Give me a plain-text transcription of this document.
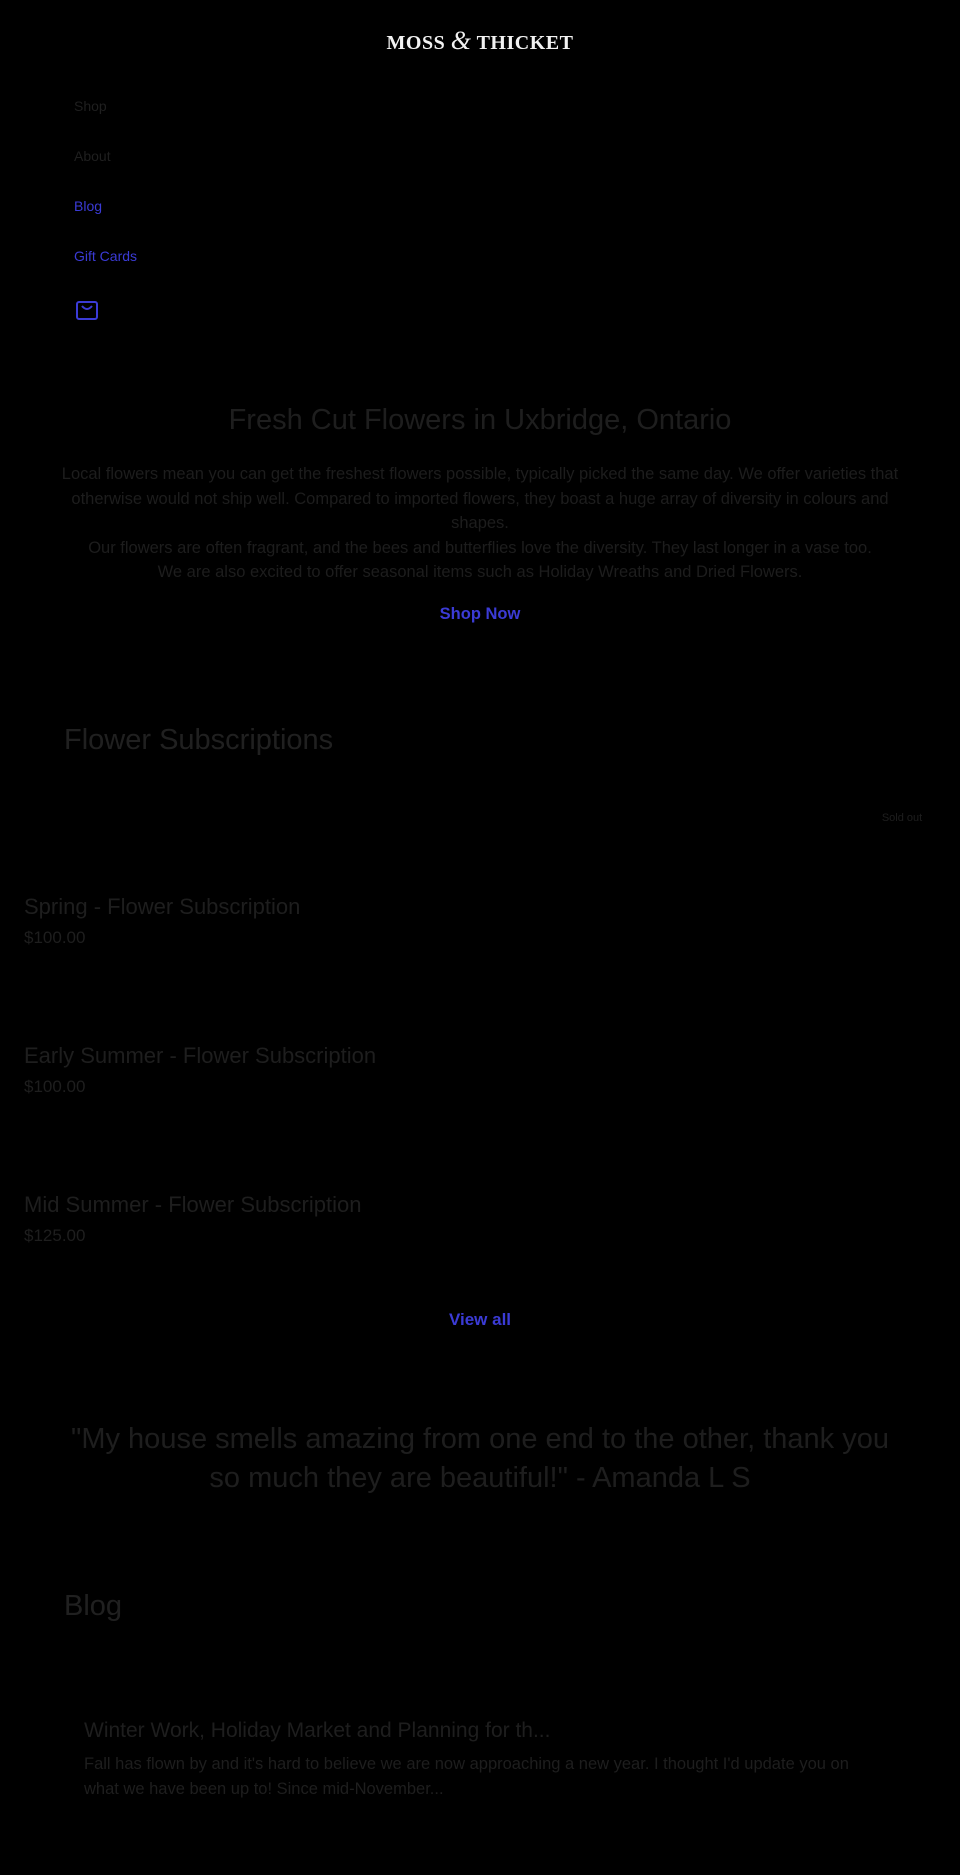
MOSS & THICKET
Shop
About
Blog
Gift Cards
Fresh Cut Flowers in Uxbridge, Ontario

Local flowers mean you can get the freshest flowers possible, typically picked the same day. We offer varieties that otherwise would not ship well. Compared to imported flowers, they boast a huge array of diversity in colours and shapes.

Our flowers are often fragrant, and the bees and butterflies love the diversity. They last longer in a vase too.

We are also excited to offer seasonal items such as Holiday Wreaths and Dried Flowers.

Shop Now
Flower Subscriptions
Sold out
Spring - Flower Subscription

$100.00

Early Summer - Flower Subscription

$100.00

Mid Summer - Flower Subscription

$125.00

View all
"My house smells amazing from one end to the other, thank you so much they are beautiful!" - Amanda L S
Blog
Winter Work, Holiday Market and Planning for th...

Fall has flown by and it's hard to believe we are now approaching a new year. I thought I'd update you on what we have been up to! Since mid-November...
